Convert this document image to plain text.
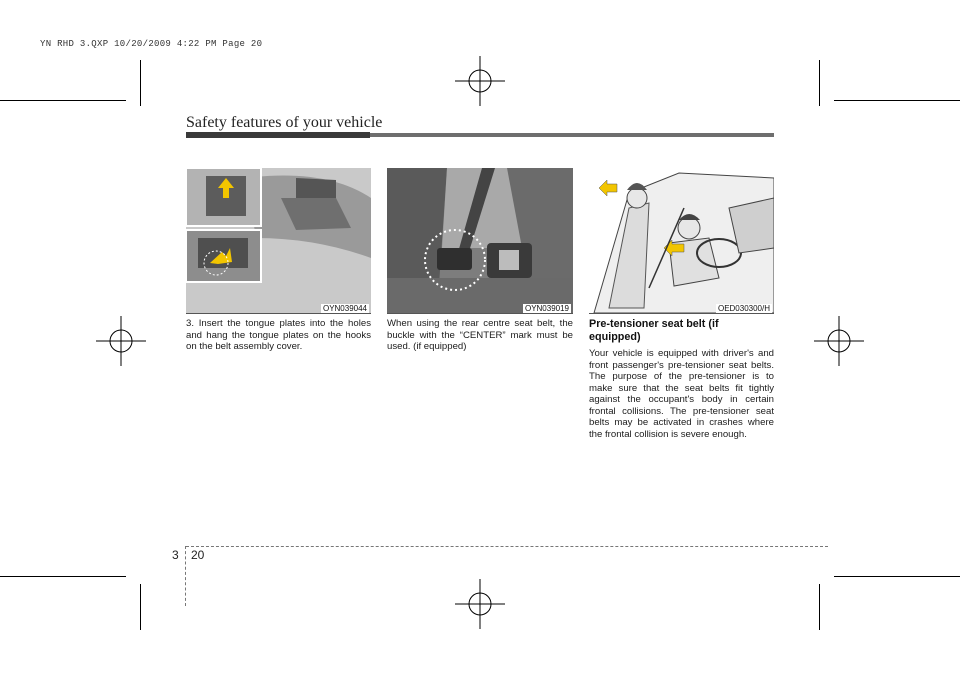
YN RHD 3.QXP 10/20/2009 4:22 PM Page 20
Safety features of your vehicle
OYN039044	OYN039019	OED030300/H
3. Insert the tongue plates into the holes and hang the tongue plates on the hooks on the belt assembly cover.
When using the rear centre seat belt, the buckle with the “CENTER” mark must be used. (if equipped)
Pre-tensioner seat belt (if equipped)
Your vehicle is equipped with driver's and front passenger's pre-tensioner seat belts. The purpose of the pre-tensioner is to make sure that the seat belts fit tightly against the occupant's body in certain frontal collisions. The pre-tensioner seat belts may be activated in crashes where the frontal collision is severe enough.
3 20
